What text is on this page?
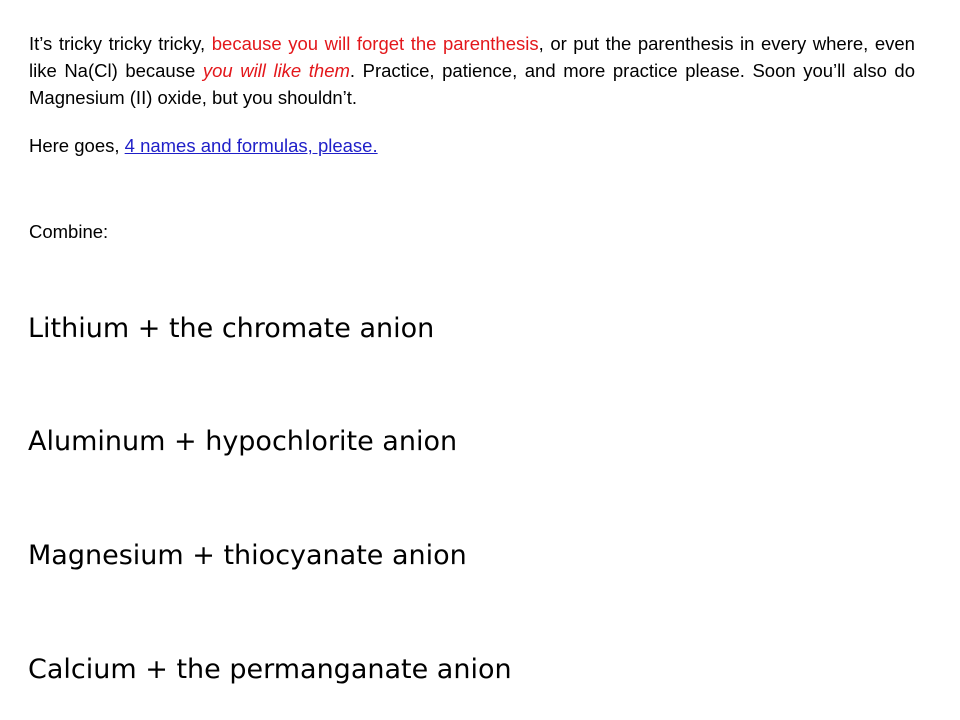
It’s tricky tricky tricky, because you will forget the parenthesis, or put the parenthesis in every where, even like Na(Cl) because you will like them. Practice, patience, and more practice please. Soon you’ll also do Magnesium (II) oxide, but you shouldn’t.

Here goes, 4 names and formulas, please.

Combine:

Lithium + the chromate anion

Aluminum + hypochlorite anion

Magnesium + thiocyanate anion

Calcium + the permanganate anion
